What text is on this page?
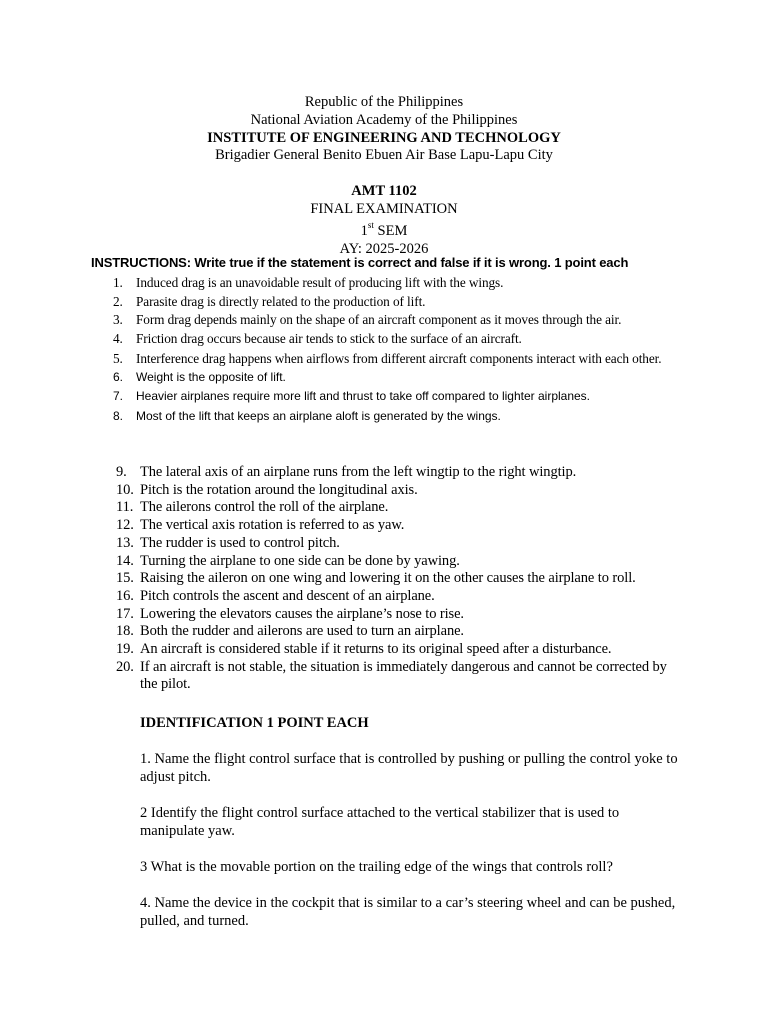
Republic of the Philippines
National Aviation Academy of the Philippines
INSTITUTE OF ENGINEERING AND TECHNOLOGY
Brigadier General Benito Ebuen Air Base Lapu-Lapu City
AMT 1102
FINAL EXAMINATION
1st SEM
AY: 2025-2026
INSTRUCTIONS: Write true if the statement is correct and false if it is wrong. 1 point each
1. Induced drag is an unavoidable result of producing lift with the wings.
2. Parasite drag is directly related to the production of lift.
3. Form drag depends mainly on the shape of an aircraft component as it moves through the air.
4. Friction drag occurs because air tends to stick to the surface of an aircraft.
5. Interference drag happens when airflows from different aircraft components interact with each other.
6. Weight is the opposite of lift.
7. Heavier airplanes require more lift and thrust to take off compared to lighter airplanes.
8. Most of the lift that keeps an airplane aloft is generated by the wings.
9. The lateral axis of an airplane runs from the left wingtip to the right wingtip.
10. Pitch is the rotation around the longitudinal axis.
11. The ailerons control the roll of the airplane.
12. The vertical axis rotation is referred to as yaw.
13. The rudder is used to control pitch.
14. Turning the airplane to one side can be done by yawing.
15. Raising the aileron on one wing and lowering it on the other causes the airplane to roll.
16. Pitch controls the ascent and descent of an airplane.
17. Lowering the elevators causes the airplane’s nose to rise.
18. Both the rudder and ailerons are used to turn an airplane.
19. An aircraft is considered stable if it returns to its original speed after a disturbance.
20. If an aircraft is not stable, the situation is immediately dangerous and cannot be corrected by the pilot.
IDENTIFICATION 1 POINT EACH
1. Name the flight control surface that is controlled by pushing or pulling the control yoke to adjust pitch.
2 Identify the flight control surface attached to the vertical stabilizer that is used to manipulate yaw.
3 What is the movable portion on the trailing edge of the wings that controls roll?
4. Name the device in the cockpit that is similar to a car’s steering wheel and can be pushed, pulled, and turned.
